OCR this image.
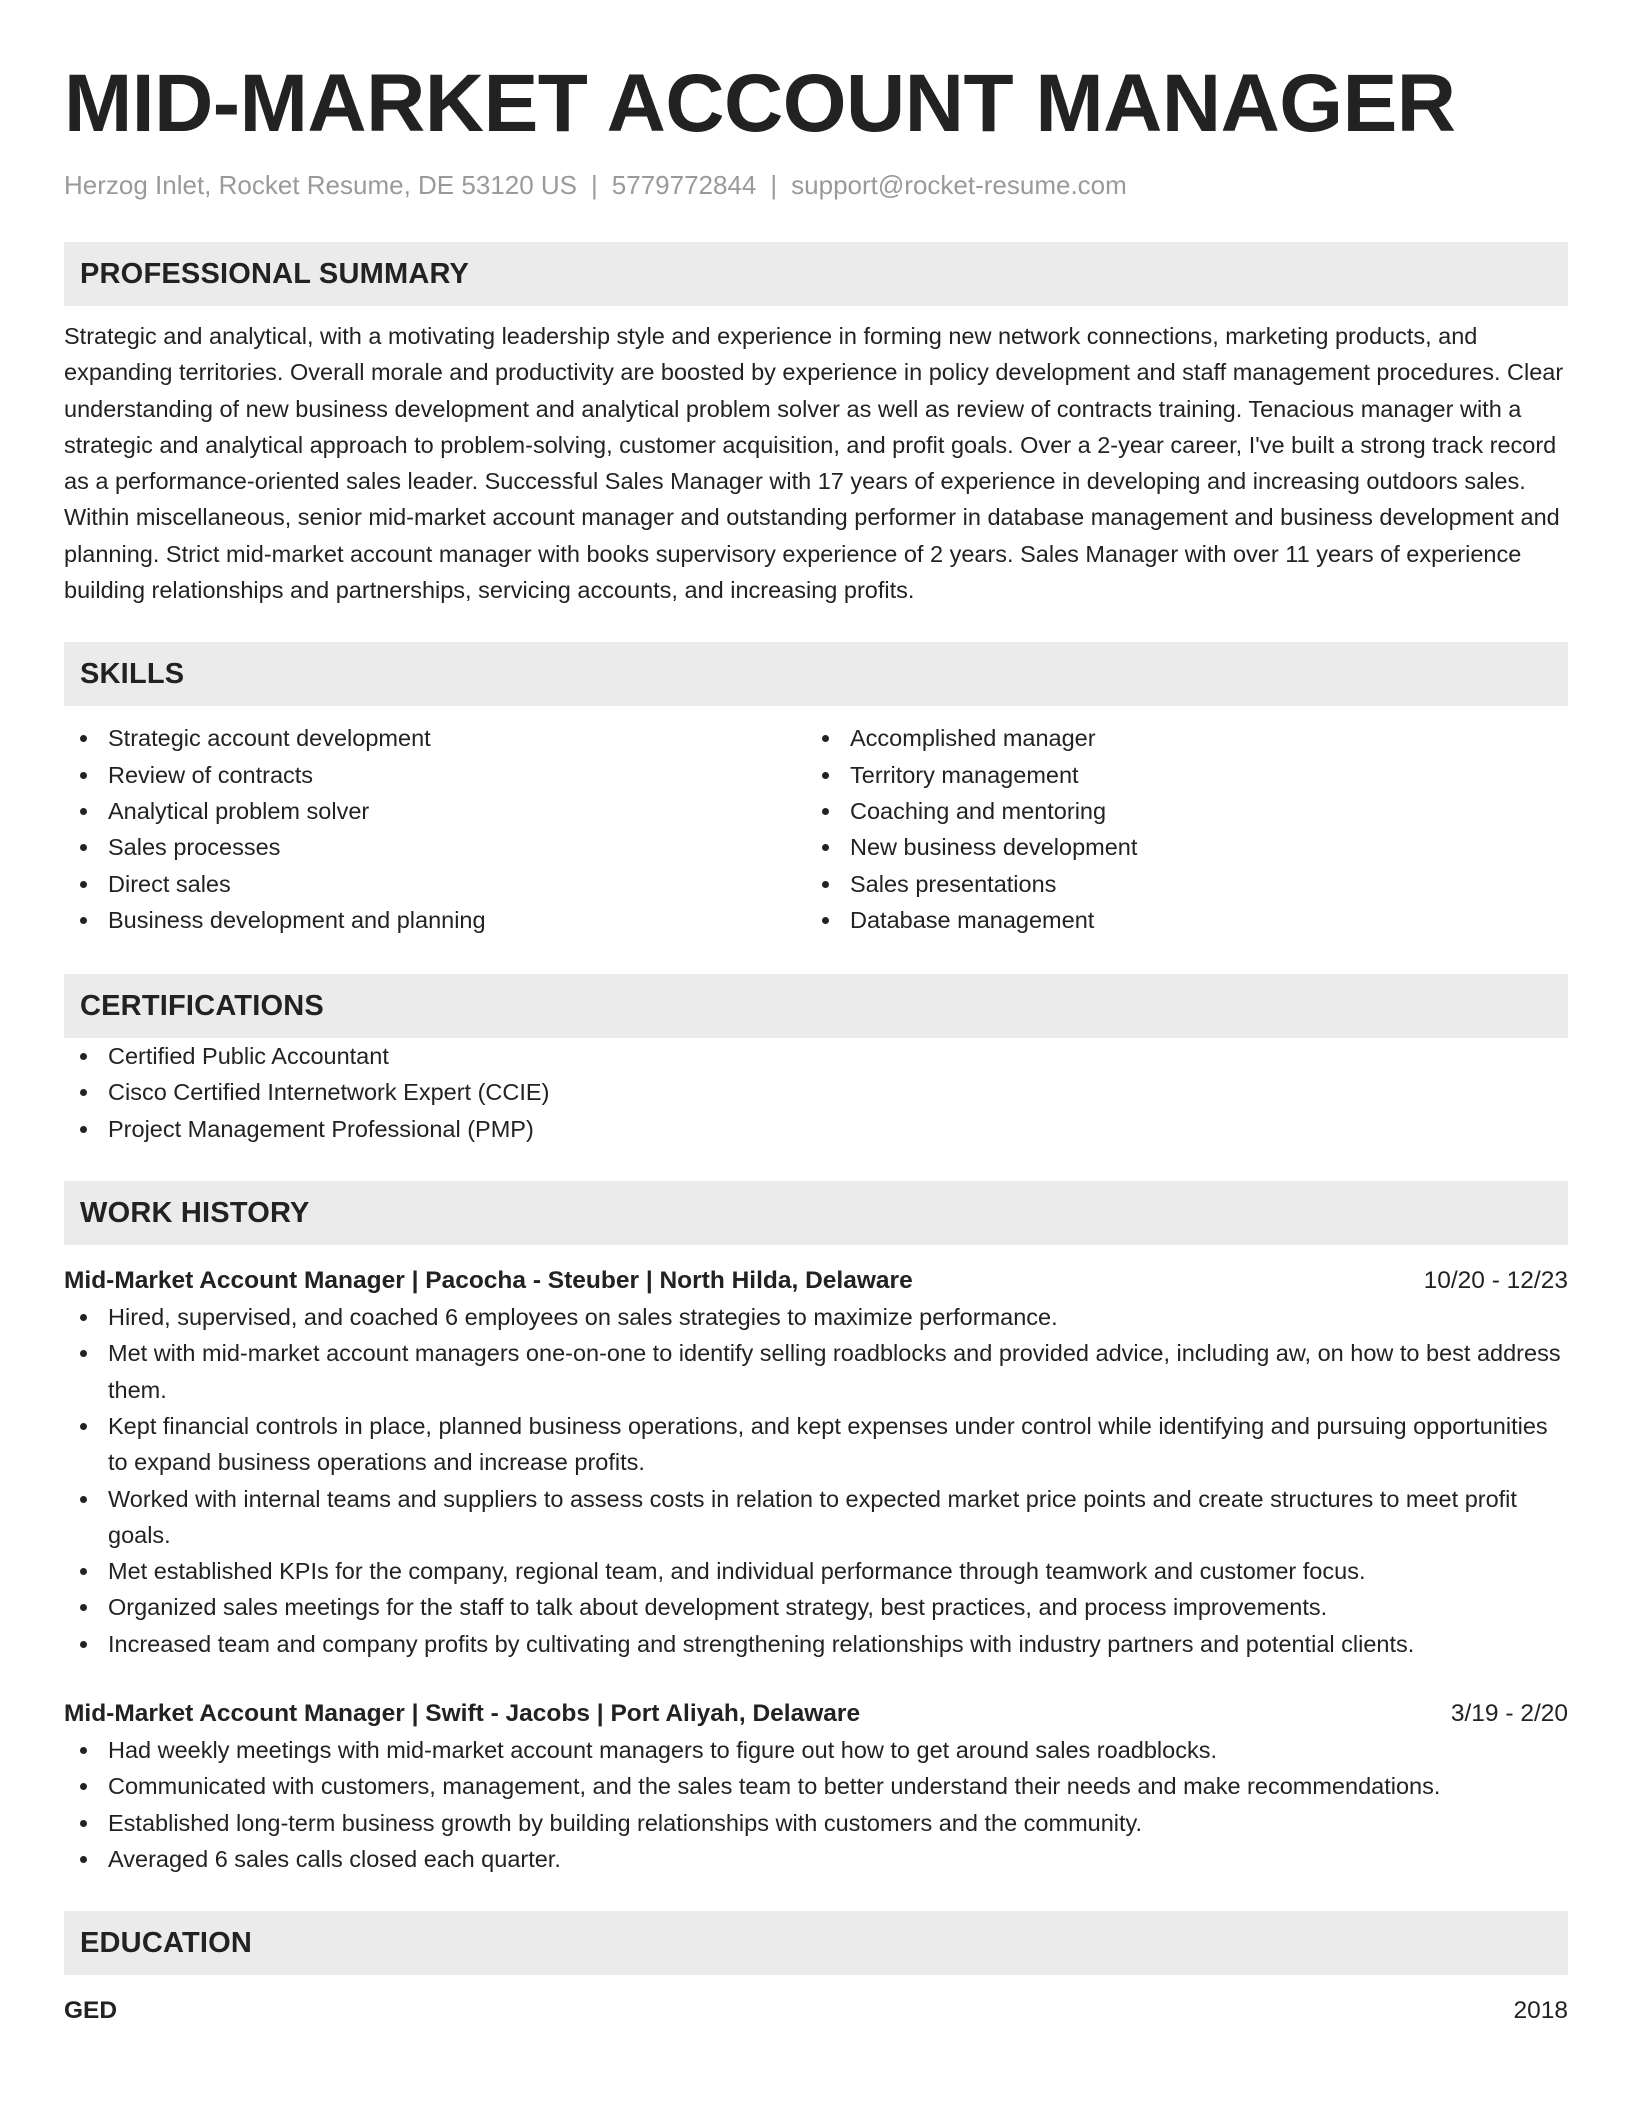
MID-MARKET ACCOUNT MANAGER
Herzog Inlet, Rocket Resume, DE 53120 US | 5779772844 | support@rocket-resume.com
PROFESSIONAL SUMMARY
Strategic and analytical, with a motivating leadership style and experience in forming new network connections, marketing products, and expanding territories. Overall morale and productivity are boosted by experience in policy development and staff management procedures. Clear understanding of new business development and analytical problem solver as well as review of contracts training. Tenacious manager with a strategic and analytical approach to problem-solving, customer acquisition, and profit goals. Over a 2-year career, I've built a strong track record as a performance-oriented sales leader. Successful Sales Manager with 17 years of experience in developing and increasing outdoors sales. Within miscellaneous, senior mid-market account manager and outstanding performer in database management and business development and planning. Strict mid-market account manager with books supervisory experience of 2 years. Sales Manager with over 11 years of experience building relationships and partnerships, servicing accounts, and increasing profits.
SKILLS
Strategic account development
Review of contracts
Analytical problem solver
Sales processes
Direct sales
Business development and planning
Accomplished manager
Territory management
Coaching and mentoring
New business development
Sales presentations
Database management
CERTIFICATIONS
Certified Public Accountant
Cisco Certified Internetwork Expert (CCIE)
Project Management Professional (PMP)
WORK HISTORY
Mid-Market Account Manager | Pacocha - Steuber | North Hilda, Delaware	10/20 - 12/23
Hired, supervised, and coached 6 employees on sales strategies to maximize performance.
Met with mid-market account managers one-on-one to identify selling roadblocks and provided advice, including aw, on how to best address them.
Kept financial controls in place, planned business operations, and kept expenses under control while identifying and pursuing opportunities to expand business operations and increase profits.
Worked with internal teams and suppliers to assess costs in relation to expected market price points and create structures to meet profit goals.
Met established KPIs for the company, regional team, and individual performance through teamwork and customer focus.
Organized sales meetings for the staff to talk about development strategy, best practices, and process improvements.
Increased team and company profits by cultivating and strengthening relationships with industry partners and potential clients.
Mid-Market Account Manager | Swift - Jacobs | Port Aliyah, Delaware	3/19 - 2/20
Had weekly meetings with mid-market account managers to figure out how to get around sales roadblocks.
Communicated with customers, management, and the sales team to better understand their needs and make recommendations.
Established long-term business growth by building relationships with customers and the community.
Averaged 6 sales calls closed each quarter.
EDUCATION
GED	2018
